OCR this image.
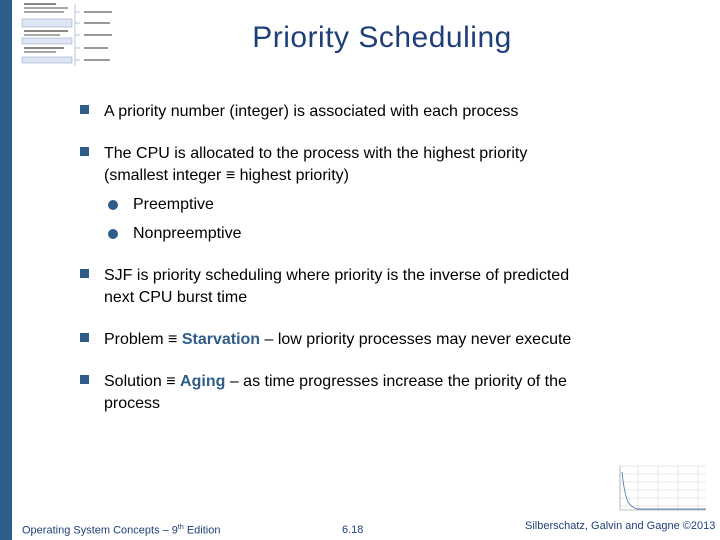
Priority Scheduling
A priority number (integer) is associated with each process
The CPU is allocated to the process with the highest priority
(smallest integer ≡ highest priority)
Preemptive
Nonpreemptive
SJF is priority scheduling where priority is the inverse of predicted
next CPU burst time
Problem ≡ Starvation – low priority processes may never execute
Solution ≡ Aging – as time progresses increase the priority of the
process
Operating System Concepts – 9th Edition	6.18	Silberschatz, Galvin and Gagne ©2013
